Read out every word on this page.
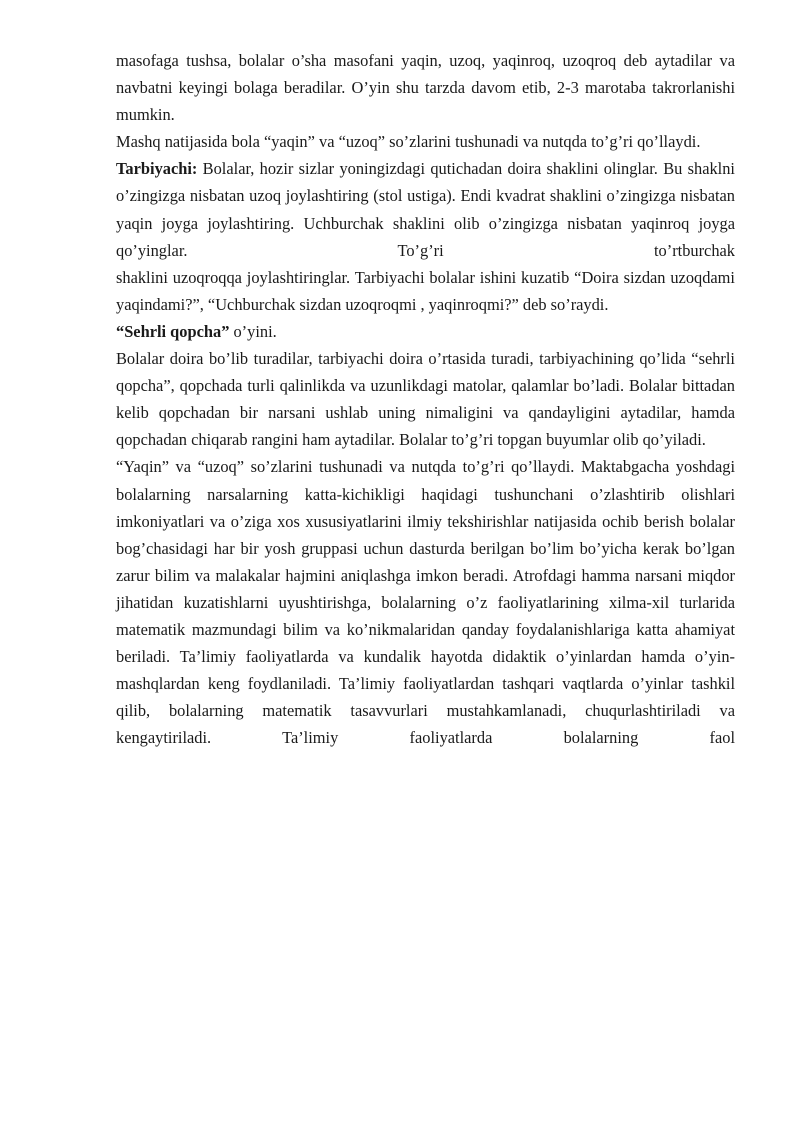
masofaga tushsa, bolalar o’sha masofani yaqin, uzoq, yaqinroq, uzoqroq deb aytadilar va navbatni keyingi bolaga beradilar. O’yin shu tarzda davom etib, 2-3 marotaba takrorlanishi mumkin.

Mashq natijasida bola “yaqin” va “uzoq” so’zlarini tushunadi va nutqda to’g’ri qo’llaydi.

Tarbiyachi: Bolalar, hozir sizlar yoningizdagi qutichadan doira shaklini olinglar. Bu shaklni o’zingizga nisbatan uzoq joylashtiring (stol ustiga). Endi kvadrat shaklini o’zingizga nisbatan yaqin joyga joylashtiring. Uchburchak shaklini olib o’zingizga nisbatan yaqinroq joyga qo’yinglar. To’g’ri to’rtburchak

shaklini uzoqroqqa joylashtiringlar. Tarbiyachi bolalar ishini kuzatib “Doira sizdan uzoqdami yaqindami?”, “Uchburchak sizdan uzoqroqmi , yaqinroqmi?” deb so’raydi.

“Sehrli qopcha” o’yini.

Bolalar doira bo’lib turadilar, tarbiyachi doira o’rtasida turadi, tarbiyachining qo’lida “sehrli qopcha”, qopchada turli qalinlikda va uzunlikdagi matolar, qalamlar bo’ladi. Bolalar bittadan kelib qopchadan bir narsani ushlab uning nimaligini va qandayligini aytadilar, hamda qopchadan chiqarab rangini ham aytadilar. Bolalar to’g’ri topgan buyumlar olib qo’yiladi.

“Yaqin” va “uzoq” so’zlarini tushunadi va nutqda to’g’ri qo’llaydi. Maktabgacha yoshdagi bolalarning narsalarning katta-kichikligi haqidagi tushunchani o’zlashtirib olishlari imkoniyatlari va o’ziga xos xususiyatlarini ilmiy tekshirishlar natijasida ochib berish bolalar bog’chasidagi har bir yosh gruppasi uchun dasturda berilgan bo’lim bo’yicha kerak bo’lgan zarur bilim va malakalar hajmini aniqlashga imkon beradi. Atrofdagi hamma narsani miqdor jihatidan kuzatishlarni uyushtirishga, bolalarning o’z faoliyatlarining xilma-xil turlarida matematik mazmundagi bilim va ko’nikmalaridan qanday foydalanishlariga katta ahamiyat beriladi. Ta’limiy faoliyatlarda va kundalik hayotda didaktik o’yinlardan hamda o’yin-mashqlardan keng foydlaniladi. Ta’limiy faoliyatlardan tashqari vaqtlarda o’yinlar tashkil qilib, bolalarning matematik tasavvurlari mustahkamlanadi, chuqurlashtiriladi va kengaytiriladi. Ta’limiy faoliyatlarda bolalarning faol
